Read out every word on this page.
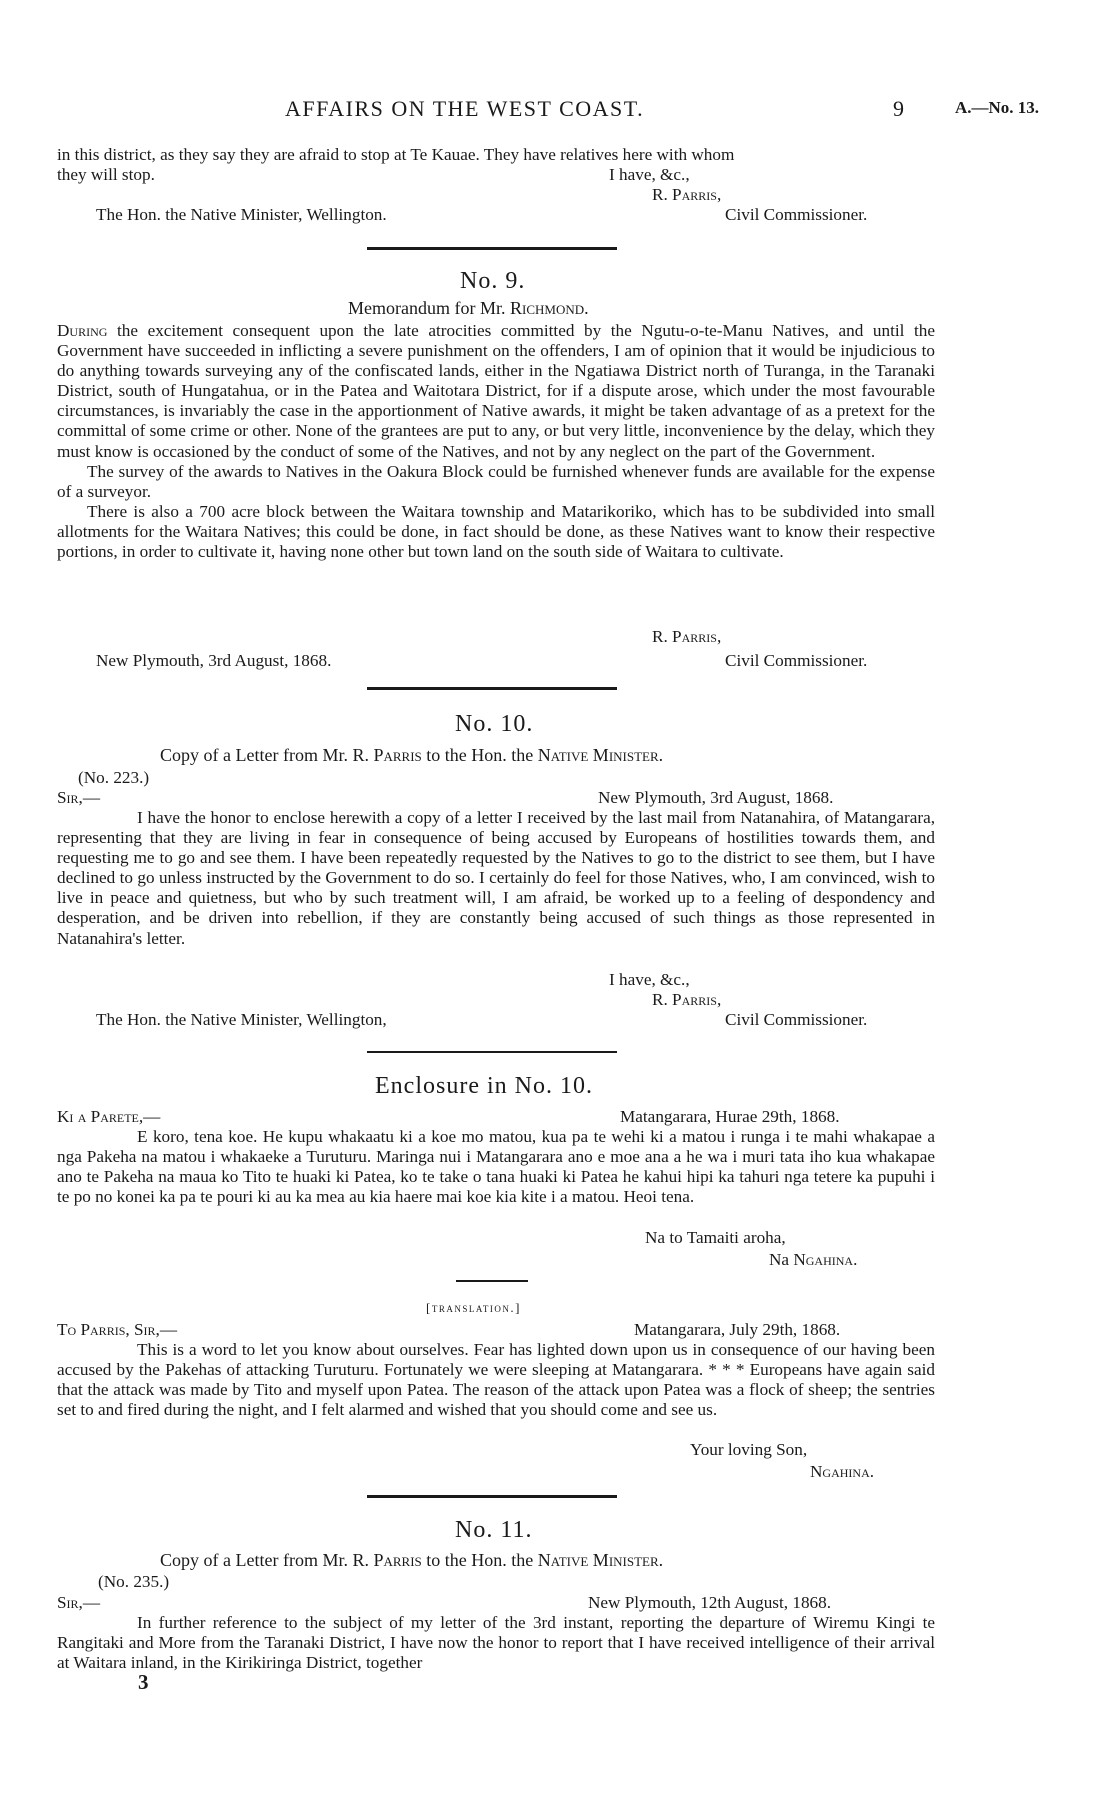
AFFAIRS ON THE WEST COAST.	9	A.—No. 13.
in this district, as they say they are afraid to stop at Te Kauae. They have relatives here with whom
they will stop.	I have, &c.,
R. Parris,
The Hon. the Native Minister, Wellington.	Civil Commissioner.
No. 9.
Memorandum for Mr. Richmond.

During the excitement consequent upon the late atrocities committed by the Ngutu-o-te-Manu Natives, and until the Government have succeeded in inflicting a severe punishment on the offenders, I am of opinion that it would be injudicious to do anything towards surveying any of the confiscated lands, either in the Ngatiawa District north of Turanga, in the Taranaki District, south of Hungatahua, or in the Patea and Waitotara District, for if a dispute arose, which under the most favourable circumstances, is invariably the case in the apportionment of Native awards, it might be taken advantage of as a pretext for the committal of some crime or other. None of the grantees are put to any, or but very little, inconvenience by the delay, which they must know is occasioned by the conduct of some of the Natives, and not by any neglect on the part of the Government.

The survey of the awards to Natives in the Oakura Block could be furnished whenever funds are available for the expense of a surveyor.

There is also a 700 acre block between the Waitara township and Matarikoriko, which has to be subdivided into small allotments for the Waitara Natives; this could be done, in fact should be done, as these Natives want to know their respective portions, in order to cultivate it, having none other but town land on the south side of Waitara to cultivate.

R. Parris,
New Plymouth, 3rd August, 1868.	Civil Commissioner.
No. 10.
Copy of a Letter from Mr. R. Parris to the Hon. the Native Minister.
(No. 223.)
Sir,—	New Plymouth, 3rd August, 1868.

I have the honor to enclose herewith a copy of a letter I received by the last mail from Natanahira, of Matangarara, representing that they are living in fear in consequence of being accused by Europeans of hostilities towards them, and requesting me to go and see them. I have been repeatedly requested by the Natives to go to the district to see them, but I have declined to go unless instructed by the Government to do so. I certainly do feel for those Natives, who, I am convinced, wish to live in peace and quietness, but who by such treatment will, I am afraid, be worked up to a feeling of despondency and desperation, and be driven into rebellion, if they are constantly being accused of such things as those represented in Natanahira's letter.

I have, &c.,
R. Parris,
The Hon. the Native Minister, Wellington,	Civil Commissioner.
Enclosure in No. 10.
Ki a Parete,—	Matangarara, Hurae 29th, 1868.

E koro, tena koe. He kupu whakaatu ki a koe mo matou, kua pa te wehi ki a matou i runga i te mahi whakapae a nga Pakeha na matou i whakaeke a Turuturu. Maringa nui i Matangarara ano e moe ana a he wa i muri tata iho kua whakapae ano te Pakeha na maua ko Tito te huaki ki Patea, ko te take o tana huaki ki Patea he kahui hipi ka tahuri nga tetere ka pupuhi i te po no konei ka pa te pouri ki au ka mea au kia haere mai koe kia kite i a matou. Heoi tena.

Na to Tamaiti aroha,
Na Ngahina.
[translation.]
To Parris, Sir,—	Matangarara, July 29th, 1868.

This is a word to let you know about ourselves. Fear has lighted down upon us in consequence of our having been accused by the Pakehas of attacking Turuturu. Fortunately we were sleeping at Matangarara. * * * Europeans have again said that the attack was made by Tito and myself upon Patea. The reason of the attack upon Patea was a flock of sheep; the sentries set to and fired during the night, and I felt alarmed and wished that you should come and see us.

Your loving Son,
Ngahina.
No. 11.
Copy of a Letter from Mr. R. Parris to the Hon. the Native Minister.
(No. 235.)
Sir,—	New Plymouth, 12th August, 1868.

In further reference to the subject of my letter of the 3rd instant, reporting the departure of Wiremu Kingi te Rangitaki and More from the Taranaki District, I have now the honor to report that I have received intelligence of their arrival at Waitara inland, in the Kirikiringa District, together

3
